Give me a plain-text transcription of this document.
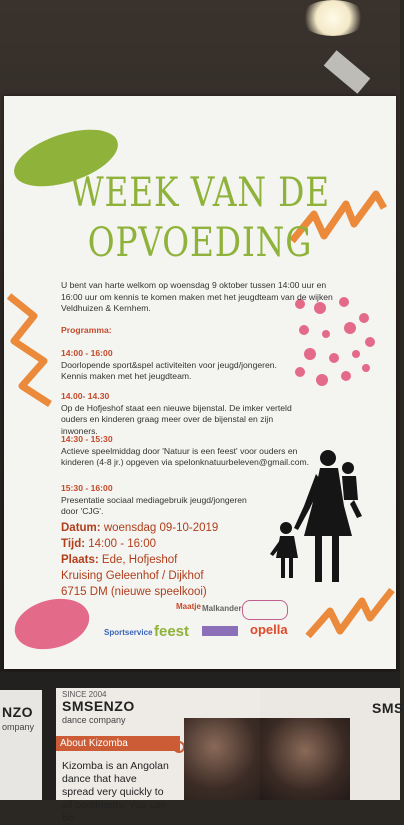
WEEK VAN DE
OPVOEDING
U bent van harte welkom op woensdag 9 oktober tussen 14:00 uur en 16:00 uur om kennis te komen maken met het jeugdteam van de wijken Veldhuizen & Kernhem.
Programma:
14:00 - 16:00
Doorlopende sport&spel activiteiten voor jeugd/jongeren. Kennis maken met het jeugdteam.
14.00- 14.30
Op de Hofjeshof staat een nieuwe bijenstal. De imker verteld ouders en kinderen graag meer over de bijenstal en zijn inwoners.
14:30 - 15:30
Actieve speelmiddag door 'Natuur is een feest' voor ouders en kinderen (4-8 jr.) opgeven via spelonknatuurbeleven@gmail.com.
15:30 - 16:00
Presentatie sociaal mediagebruik jeugd/jongeren door 'CJG'.
Datum: woensdag 09-10-2019
Tijd: 14:00 - 16:00
Plaats: Ede, Hofjeshof
Kruising Geleenhof / Dijkhof
6715 DM (nieuwe speelkooi)
Maatje Malkander
Sportservice feest	opella
NZO
ompany
SINCE 2004
SMSENZO
dance company
About Kizomba
Kizomba is an Angolan dance that have spread very quickly to all continents. You can be
SMS
